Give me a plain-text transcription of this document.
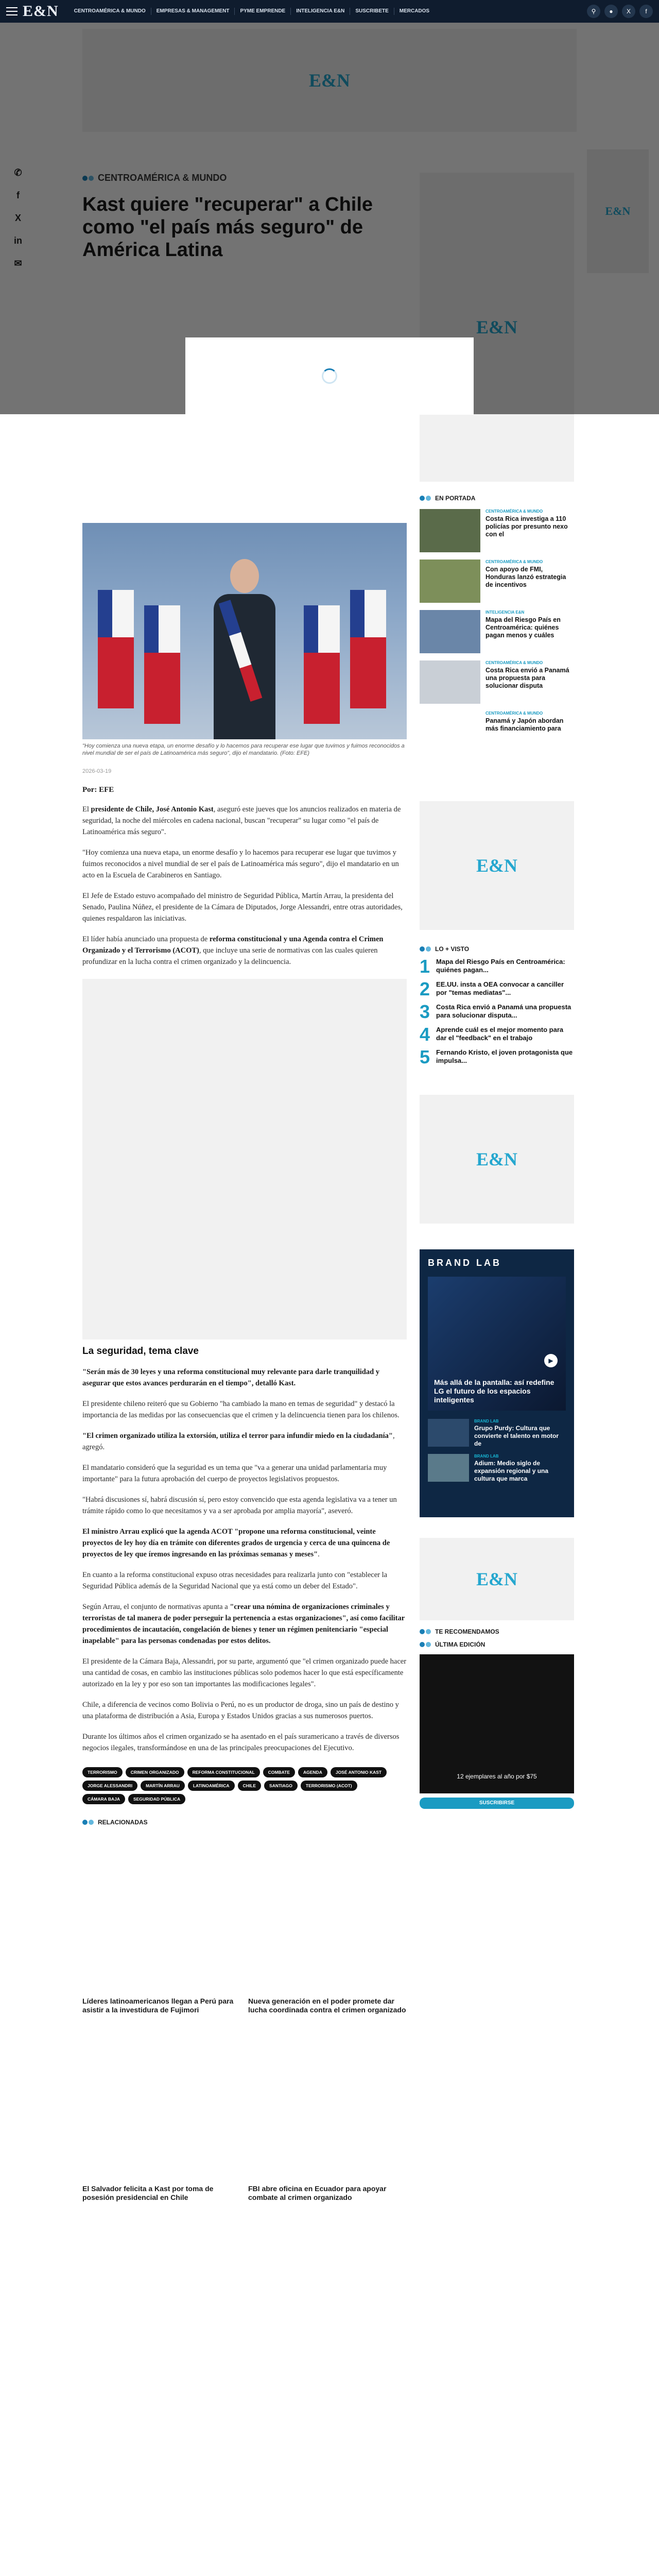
E&N	CENTROAMÉRICA & MUNDO	EMPRESAS & MANAGEMENT	PYME EMPRENDE	INTELIGENCIA E&N	SUSCRIBETE	MERCADOS	⚲	●	X	f

"Hoy comienza una nueva etapa, un enorme desafío y lo hacemos para recuperar ese lugar que tuvimos y fuimos reconocidos a nivel mundial de ser el país de Latinoamérica más seguro", dijo el mandatario. (Foto: EFE)

2026-03-19

Por: EFE

El presidente de Chile, José Antonio Kast, aseguró este jueves que los anuncios realizados en materia de seguridad, la noche del miércoles en cadena nacional, buscan "recuperar" su lugar como "el país de Latinoamérica más seguro".

"Hoy comienza una nueva etapa, un enorme desafío y lo hacemos para recuperar ese lugar que tuvimos y fuimos reconocidos a nivel mundial de ser el país de Latinoamérica más seguro", dijo el mandatario en un acto en la Escuela de Carabineros en Santiago.

El Jefe de Estado estuvo acompañado del ministro de Seguridad Pública, Martín Arrau, la presidenta del Senado, Paulina Núñez, el presidente de la Cámara de Diputados, Jorge Alessandri, entre otras autoridades, quienes respaldaron las iniciativas.

El líder había anunciado una propuesta de reforma constitucional y una Agenda contra el Crimen Organizado y el Terrorismo (ACOT), que incluye una serie de normativas con las cuales quieren profundizar en la lucha contra el crimen organizado y la delincuencia.

La seguridad, tema clave

"Serán más de 30 leyes y una reforma constitucional muy relevante para darle tranquilidad y asegurar que estos avances perdurarán en el tiempo", detalló Kast.

El presidente chileno reiteró que su Gobierno "ha cambiado la mano en temas de seguridad" y destacó la importancia de las medidas por las consecuencias que el crimen y la delincuencia tienen para los chilenos.

"El crimen organizado utiliza la extorsión, utiliza el terror para infundir miedo en la ciudadanía", agregó.

El mandatario consideró que la seguridad es un tema que "va a generar una unidad parlamentaria muy importante" para la futura aprobación del cuerpo de proyectos legislativos propuestos.

"Habrá discusiones sí, habrá discusión sí, pero estoy convencido que esta agenda legislativa va a tener un trámite rápido como lo que necesitamos y va a ser aprobada por amplia mayoría", aseveró.

El ministro Arrau explicó que la agenda ACOT "propone una reforma constitucional, veinte proyectos de ley hoy día en trámite con diferentes grados de urgencia y cerca de una quincena de proyectos de ley que íremos ingresando en las próximas semanas y meses".

En cuanto a la reforma constitucional expuso otras necesidades para realizarla junto con "establecer la Seguridad Pública además de la Seguridad Nacional que ya está como un deber del Estado".

Según Arrau, el conjunto de normativas apunta a "crear una nómina de organizaciones criminales y terroristas de tal manera de poder perseguir la pertenencia a estas organizaciones", así como facilitar procedimientos de incautación, congelación de bienes y tener un régimen penitenciario "especial inapelable" para las personas condenadas por estos delitos.

El presidente de la Cámara Baja, Alessandri, por su parte, argumentó que "el crimen organizado puede hacer una cantidad de cosas, en cambio las instituciones públicas solo podemos hacer lo que está específicamente autorizado en la ley y por eso son tan importantes las modificaciones legales".

Chile, a diferencia de vecinos como Bolivia o Perú, no es un productor de droga, sino un país de destino y una plataforma de distribución a Asia, Europa y Estados Unidos gracias a sus numerosos puertos.

Durante los últimos años el crimen organizado se ha asentado en el país suramericano a través de diversos negocios ilegales, transformándose en una de las principales preocupaciones del Ejecutivo.

TERRORISMO	CRIMEN ORGANIZADO	REFORMA CONSTITUCIONAL	COMBATE	AGENDA	JOSÉ ANTONIO KAST
JORGE ALESSANDRI	MARTÍN ARRAU	LATINOAMÉRICA	CHILE	SANTIAGO	TERRORISMO (ACOT)
CÁMARA BAJA	SEGURIDAD PÚBLICA
RELACIONADAS
Líderes latinoamericanos llegan a Perú para asistir a la investidura de Fujimori
Nueva generación en el poder promete dar lucha coordinada contra el crimen organizado
El Salvador felicita a Kast por toma de posesión presidencial en Chile
FBI abre oficina en Ecuador para apoyar combate al crimen organizado
EN PORTADA
CENTROAMÉRICA & MUNDO
Costa Rica investiga a 110 policías por presunto nexo con el
CENTROAMÉRICA & MUNDO
Con apoyo de FMI, Honduras lanzó estrategia de incentivos
INTELIGENCIA E&N
Mapa del Riesgo País en Centroamérica: quiénes pagan menos y cuáles
CENTROAMÉRICA & MUNDO
Costa Rica envió a Panamá una propuesta para solucionar disputa
CENTROAMÉRICA & MUNDO
Panamá y Japón abordan más financiamiento para
E&N
LO + VISTO
1 Mapa del Riesgo País en Centroamérica: quiénes pagan...
2 EE.UU. insta a OEA convocar a canciller por "temas mediatas"...
3 Costa Rica envió a Panamá una propuesta para solucionar disputa...
4 Aprende cuál es el mejor momento para dar el "feedback" en el trabajo
5 Fernando Kristo, el joven protagonista que impulsa...
E&N
BRAND LAB
▶
Más allá de la pantalla: así redefine LG el futuro de los espacios inteligentes
BRAND LAB
Grupo Purdy: Cultura que convierte el talento en motor de
BRAND LAB
Adium: Medio siglo de expansión regional y una cultura que marca
E&N
TE RECOMENDAMOS
ÚLTIMA EDICIÓN
12 ejemplares al año por $75
SUSCRIBIRSE
